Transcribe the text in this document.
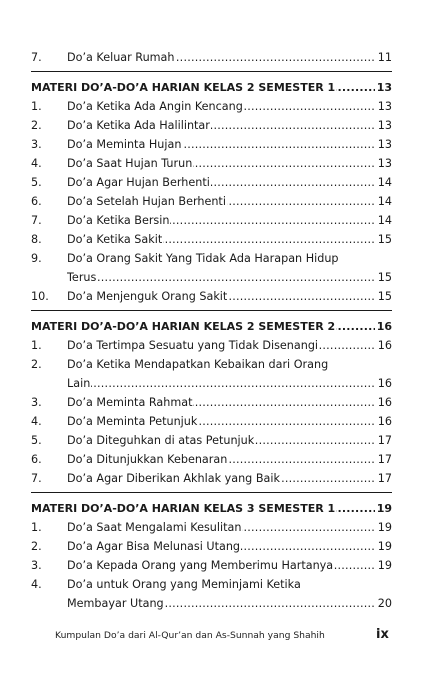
7. Do’a Keluar Rumah .....	11
MATERI DO’A-DO’A HARIAN KELAS 2 SEMESTER 1 .....	13
1. Do’a Ketika Ada Angin Kencang .....	13
2. Do’a Ketika Ada Halilintar .....	13
3. Do’a Meminta Hujan .....	13
4. Do’a Saat Hujan Turun .....	13
5. Do’a Agar Hujan Berhenti .....	14
6. Do’a Setelah Hujan Berhenti .....	14
7. Do’a Ketika Bersin .....	14
8. Do’a Ketika Sakit .....	15
9. Do’a Orang Sakit Yang Tidak Ada Harapan Hidup
Terus .....	15
10. Do’a Menjenguk Orang Sakit .....	15
MATERI DO’A-DO’A HARIAN KELAS 2 SEMESTER 2 .....	16
1. Do’a Tertimpa Sesuatu yang Tidak Disenangi .....	16
2. Do’a Ketika Mendapatkan Kebaikan dari Orang
Lain .....	16
3. Do’a Meminta Rahmat .....	16
4. Do’a Meminta Petunjuk .....	16
5. Do’a Diteguhkan di atas Petunjuk .....	17
6. Do’a Ditunjukkan Kebenaran .....	17
7. Do’a Agar Diberikan Akhlak yang Baik .....	17
MATERI DO’A-DO’A HARIAN KELAS 3 SEMESTER 1 .....	19
1. Do’a Saat Mengalami Kesulitan .....	19
2. Do’a Agar Bisa Melunasi Utang .....	19
3. Do’a Kepada Orang yang Memberimu Hartanya .....	19
4. Do’a untuk Orang yang Meminjami Ketika
Membayar Utang .....	20
Kumpulan Do’a dari Al-Qur’an dan As-Sunnah yang Shahih	ix
